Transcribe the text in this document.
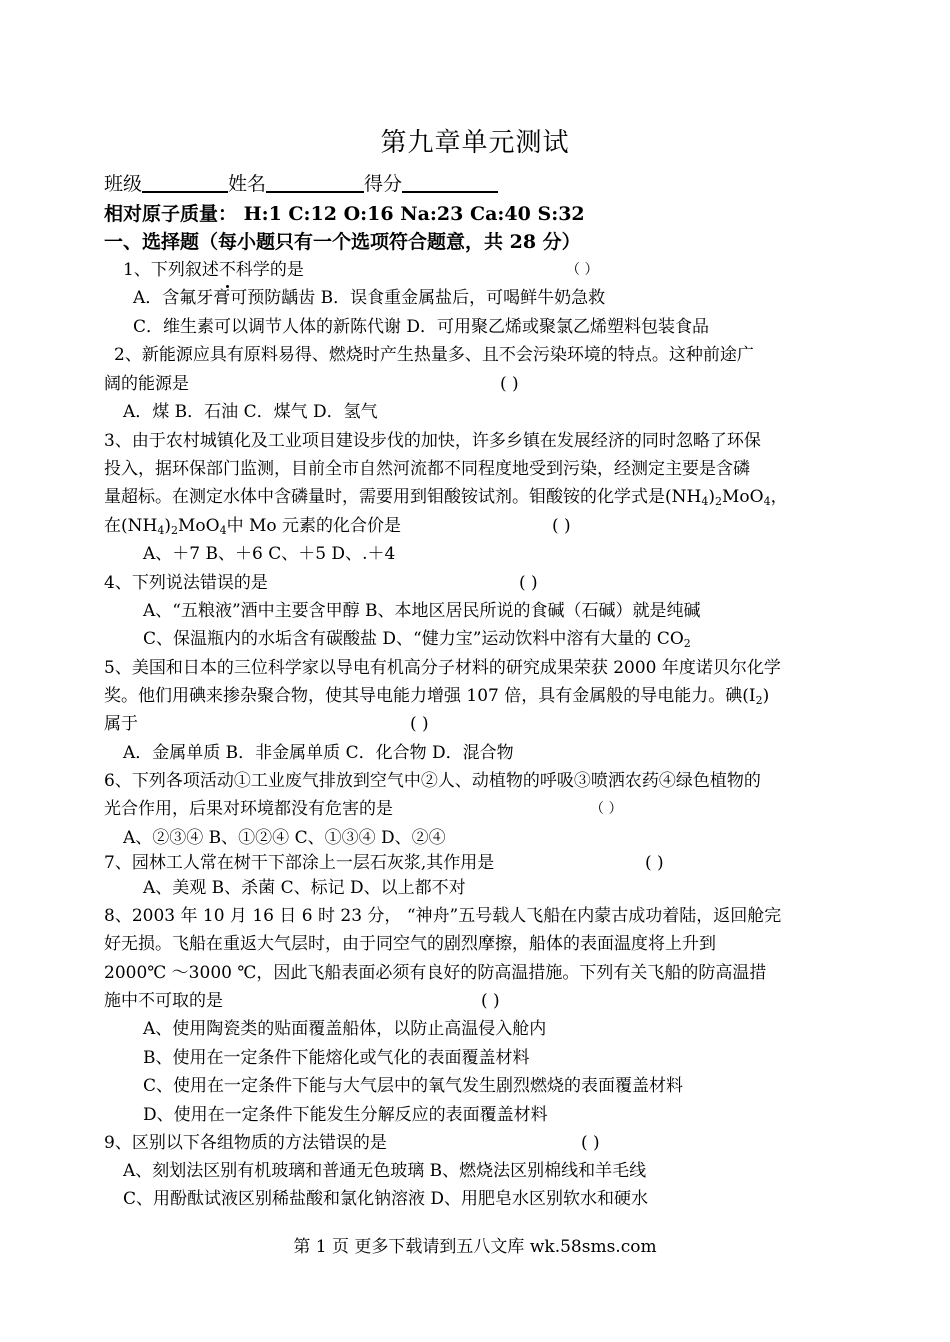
第九章单元测试
班级	姓名	得分
相对原子质量： H:1 C:12 O:16 Na:23 Ca:40 S:32
一、选择题（每小题只有一个选项符合题意，共 28 分）
1、下列叙述不
科学的是	（ ）
A．含氟牙膏可预防龋齿 B．误食重金属盐后，可喝鲜牛奶急救
C．维生素可以调节人体的新陈代谢 D．可用聚乙烯或聚氯乙烯塑料包装食品
2、新能源应具有原料易得、燃烧时产生热量多、且不会污染环境的特点。这种前途广
阔的能源是	( )
A．煤 B．石油 C．煤气 D．氢气
3、由于农村城镇化及工业项目建设步伐的加快，许多乡镇在发展经济的同时忽略了环保
投入，据环保部门监测，目前全市自然河流都不同程度地受到污染，经测定主要是含磷
量超标。在测定水体中含磷量时，需要用到钼酸铵试剂。钼酸铵的化学式是$(NH_4)_2MoO_4$，
在$(NH_4)_2MoO_4$中 Mo 元素的化合价是	( )
A、＋7 B、＋6 C、＋5 D、.＋4
4、下列说法错误的是	( )
A、“五粮液”酒中主要含甲醇 B、本地区居民所说的食碱（石碱）就是纯碱
C、保温瓶内的水垢含有碳酸盐 D、“健力宝”运动饮料中溶有大量的 $CO_2$
5、美国和日本的三位科学家以导电有机高分子材料的研究成果荣获 2000 年度诺贝尔化学
奖。他们用碘来掺杂聚合物，使其导电能力增强 107 倍，具有金属般的导电能力。碘$(I_2)$
属于	( )
A．金属单质 B．非金属单质 C．化合物 D．混合物
6、下列各项活动①工业废气排放到空气中②人、动植物的呼吸③喷洒农药④绿色植物的
光合作用，后果对环境都没有危害的是	（ ）
A、②③④ B、①②④ C、①③④ D、②④
7、园林工人常在树干下部涂上一层石灰浆,其作用是	( )
A、美观 B、杀菌 C、标记 D、以上都不对
8、2003 年 10 月 16 日 6 时 23 分， “神舟”五号载人飞船在内蒙古成功着陆，返回舱完
好无损。飞船在重返大气层时，由于同空气的剧烈摩擦，船体的表面温度将上升到
2000℃ ～3000 ℃，因此飞船表面必须有良好的防高温措施。下列有关飞船的防高温措
施中不可取的是	( )
A、使用陶瓷类的贴面覆盖船体，以防止高温侵入舱内
B、使用在一定条件下能熔化或气化的表面覆盖材料
C、使用在一定条件下能与大气层中的氧气发生剧烈燃烧的表面覆盖材料
D、使用在一定条件下能发生分解反应的表面覆盖材料
9、区别以下各组物质的方法错误的是	( )
A、刻划法区别有机玻璃和普通无色玻璃 B、燃烧法区别棉线和羊毛线
C、用酚酞试液区别稀盐酸和氯化钠溶液 D、用肥皂水区别软水和硬水
第 1 页 更多下载请到五八文库 wk.58sms.com
